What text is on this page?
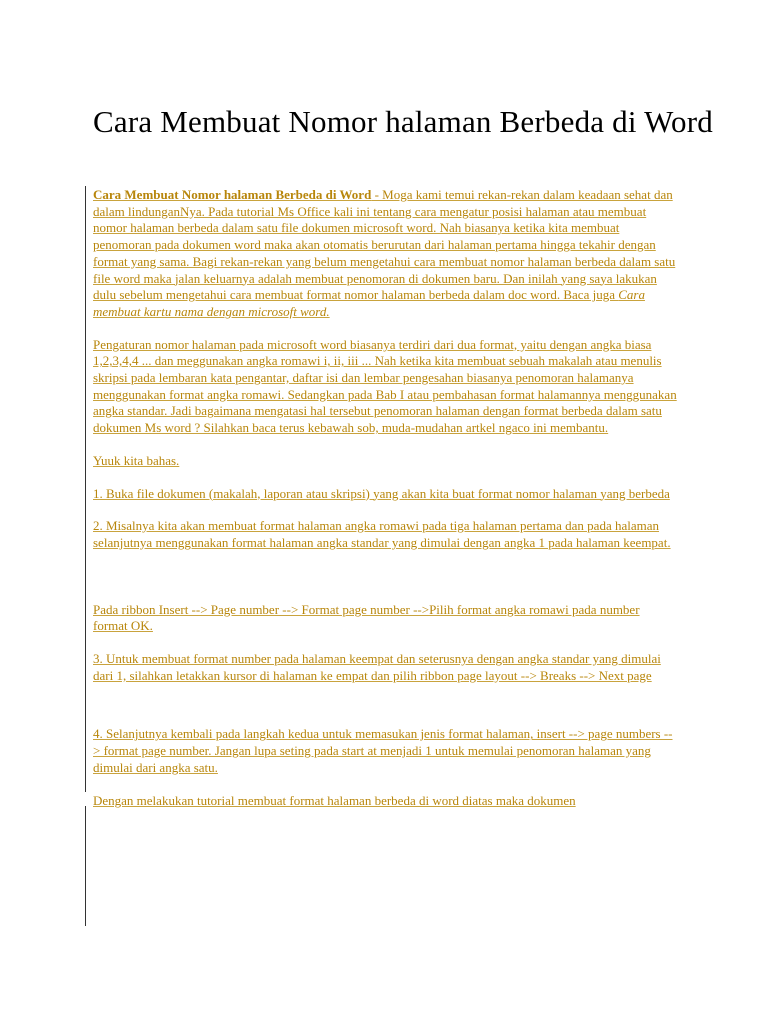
Cara Membuat Nomor halaman Berbeda di Word

Cara Membuat Nomor halaman Berbeda di Word - Moga kami temui rekan-rekan dalam keadaan sehat dan dalam lindunganNya. Pada tutorial Ms Office kali ini tentang cara mengatur posisi halaman atau membuat nomor halaman berbeda dalam satu file dokumen microsoft word. Nah biasanya ketika kita membuat penomoran pada dokumen word maka akan otomatis berurutan dari halaman pertama hingga tekahir dengan format yang sama. Bagi rekan-rekan yang belum mengetahui cara membuat nomor halaman berbeda dalam satu file word maka jalan keluarnya adalah membuat penomoran di dokumen baru. Dan inilah yang saya lakukan dulu sebelum mengetahui cara membuat format nomor halaman berbeda dalam doc word. Baca juga Cara membuat kartu nama dengan microsoft word.

Pengaturan nomor halaman pada microsoft word biasanya terdiri dari dua format, yaitu dengan angka biasa 1,2,3,4,4 ... dan meggunakan angka romawi i, ii, iii ... Nah ketika kita membuat sebuah makalah atau menulis skripsi pada lembaran kata pengantar, daftar isi dan lembar pengesahan biasanya penomoran halamanya menggunakan format angka romawi. Sedangkan pada Bab I atau pembahasan format halamannya menggunakan angka standar. Jadi bagaimana mengatasi hal tersebut penomoran halaman dengan format berbeda dalam satu dokumen Ms word ? Silahkan baca terus kebawah sob, muda-mudahan artkel ngaco ini membantu.

Yuuk kita bahas.

1. Buka file dokumen (makalah, laporan atau skripsi) yang akan kita buat format nomor halaman yang berbeda

2. Misalnya kita akan membuat format halaman angka romawi pada tiga halaman pertama dan pada halaman selanjutnya menggunakan format halaman angka standar yang dimulai dengan angka 1 pada halaman keempat.

Pada ribbon Insert --> Page number --> Format page number -->Pilih format angka romawi pada number format OK.

3. Untuk membuat format number pada halaman keempat dan seterusnya dengan angka standar yang dimulai dari 1, silahkan letakkan kursor di halaman ke empat dan pilih ribbon page layout --> Breaks --> Next page

4. Selanjutnya kembali pada langkah kedua untuk memasukan jenis format halaman, insert --> page numbers --> format page number. Jangan lupa seting pada start at menjadi 1 untuk memulai penomoran halaman yang dimulai dari angka satu.

Dengan melakukan tutorial membuat format halaman berbeda di word diatas maka dokumen
